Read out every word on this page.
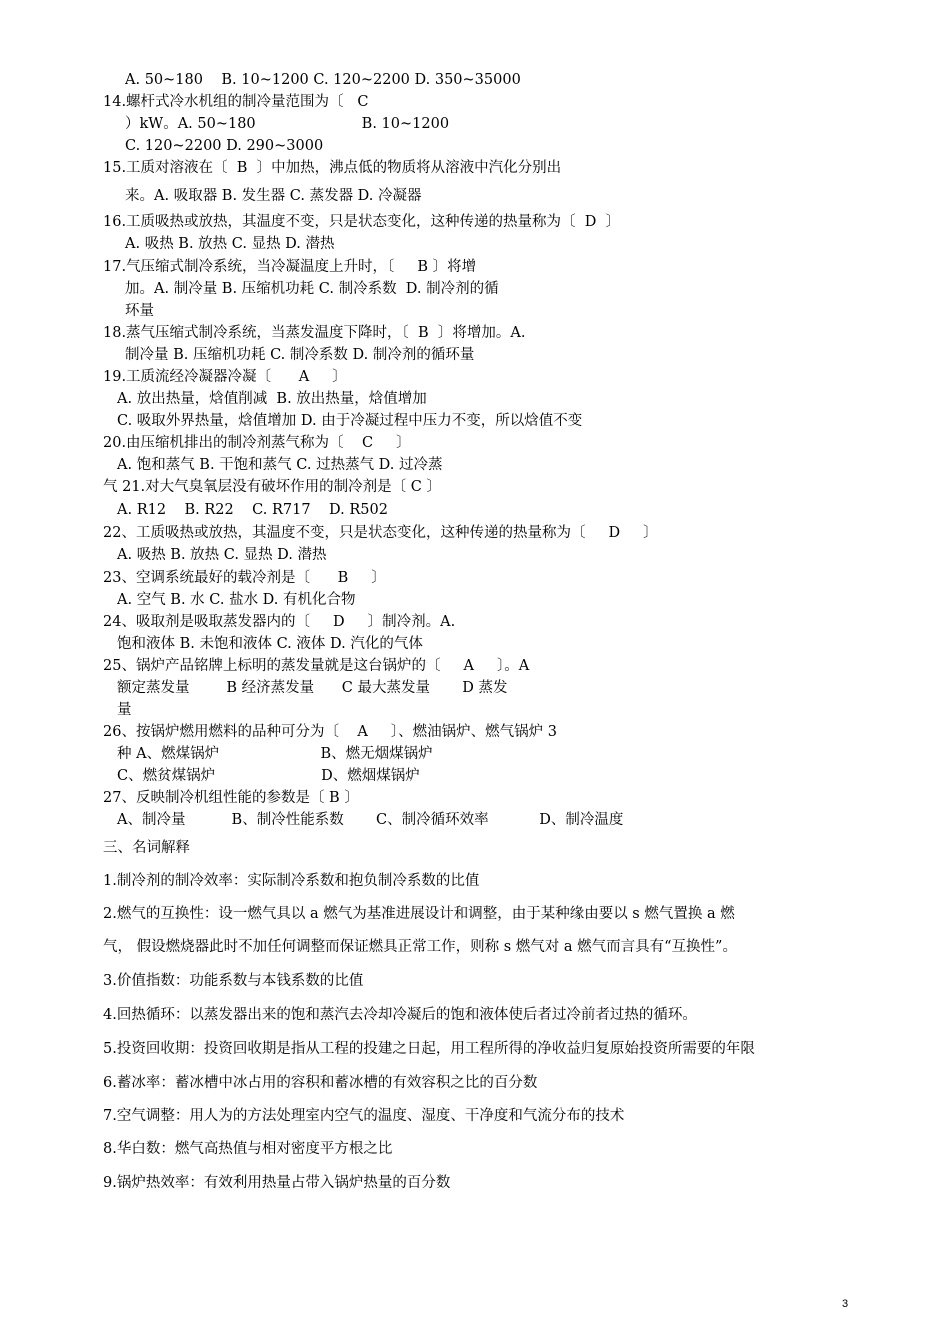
A. 50~180    B. 10~1200 C. 120~2200 D. 350~35000
14.螺杆式冷水机组的制冷量范围为〔   C
）kW。A. 50~180                       B. 10~1200
C. 120~2200 D. 290~3000
15.工质对溶液在〔  B  〕中加热，沸点低的物质将从溶液中汽化分别出
来。A. 吸取器 B. 发生器 C. 蒸发器 D. 冷凝器
16.工质吸热或放热，其温度不变，只是状态变化，这种传递的热量称为〔  D  〕
A. 吸热 B. 放热 C. 显热 D. 潜热
17.气压缩式制冷系统，当冷凝温度上升时，〔     B 〕将增
加。A. 制冷量 B. 压缩机功耗 C. 制冷系数  D. 制冷剂的循
环量
18.蒸气压缩式制冷系统，当蒸发温度下降时，〔  B  〕将增加。A.
制冷量 B. 压缩机功耗 C. 制冷系数 D. 制冷剂的循环量
19.工质流经冷凝器冷凝〔      A     〕
A. 放出热量，焓值削减  B. 放出热量，焓值增加
C. 吸取外界热量，焓值增加 D. 由于冷凝过程中压力不变，所以焓值不变
20.由压缩机排出的制冷剂蒸气称为〔    C     〕
A. 饱和蒸气 B. 干饱和蒸气 C. 过热蒸气 D. 过冷蒸
气 21.对大气臭氧层没有破坏作用的制冷剂是〔 C 〕
A. R12    B. R22    C. R717    D. R502
22、工质吸热或放热，其温度不变，只是状态变化，这种传递的热量称为〔     D     〕
A. 吸热 B. 放热 C. 显热 D. 潜热
23、空调系统最好的载冷剂是〔      B     〕
A. 空气 B. 水 C. 盐水 D. 有机化合物
24、吸取剂是吸取蒸发器内的〔     D     〕制冷剂。A.
饱和液体 B. 未饱和液体 C. 液体 D. 汽化的气体
25、锅炉产品铭牌上标明的蒸发量就是这台锅炉的〔     A     〕。A
额定蒸发量        B 经济蒸发量      C 最大蒸发量       D 蒸发
量
26、按锅炉燃用燃料的品种可分为〔    A     〕、燃油锅炉、燃气锅炉 3
种 A、燃煤锅炉                      B、燃无烟煤锅炉
C、燃贫煤锅炉                       D、燃烟煤锅炉
27、反映制冷机组性能的参数是〔 B 〕
A、制冷量          B、制冷性能系数       C、制冷循环效率           D、制冷温度
三、名词解释
1.制冷剂的制冷效率：实际制冷系数和抱负制冷系数的比值
2.燃气的互换性：设一燃气具以 a 燃气为基准进展设计和调整，由于某种缘由要以 s 燃气置换 a 燃
气， 假设燃烧器此时不加任何调整而保证燃具正常工作，则称 s 燃气对 a 燃气而言具有“互换性”。
3.价值指数：功能系数与本钱系数的比值
4.回热循环：以蒸发器出来的饱和蒸汽去冷却冷凝后的饱和液体使后者过冷前者过热的循环。
5.投资回收期：投资回收期是指从工程的投建之日起，用工程所得的净收益归复原始投资所需要的年限
6.蓄冰率：蓄冰槽中冰占用的容积和蓄冰槽的有效容积之比的百分数
7.空气调整：用人为的方法处理室内空气的温度、湿度、干净度和气流分布的技术
8.华白数：燃气高热值与相对密度平方根之比
9.锅炉热效率：有效利用热量占带入锅炉热量的百分数
3
